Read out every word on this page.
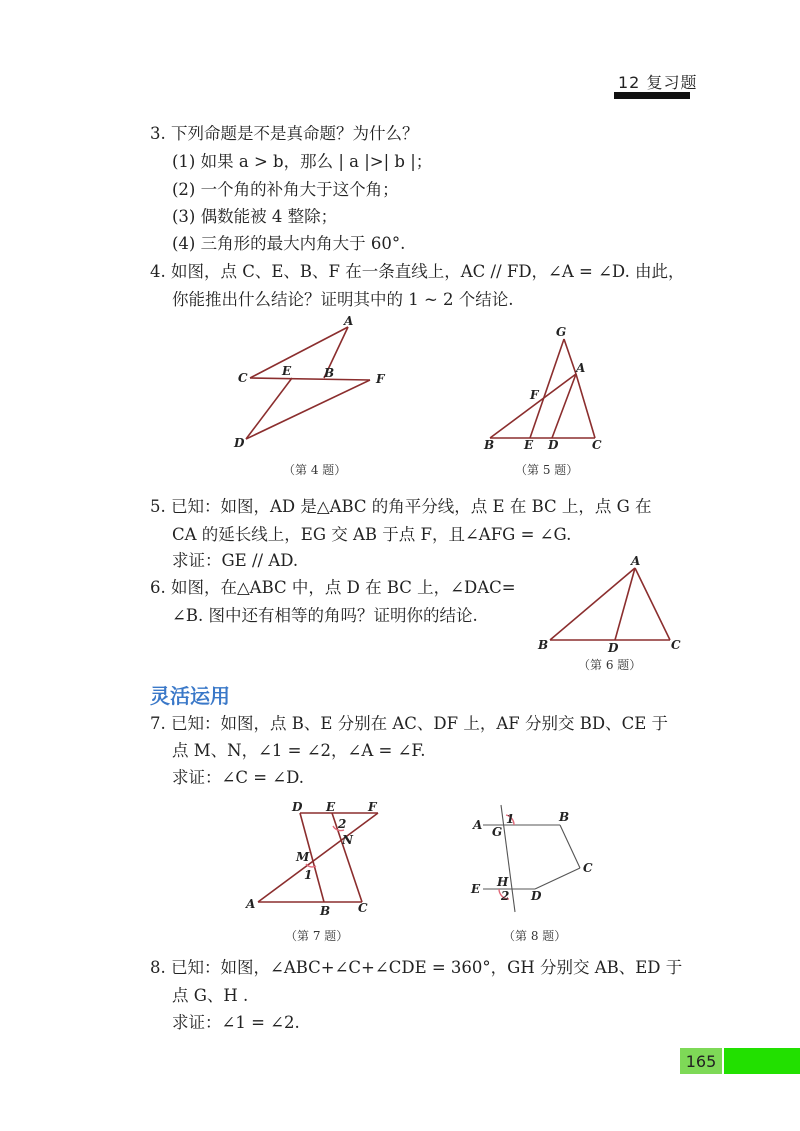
12 复习题
3. 下列命题是不是真命题？为什么？
(1) 如果 a > b，那么 | a |>| b |；
(2) 一个角的补角大于这个角；
(3) 偶数能被 4 整除；
(4) 三角形的最大内角大于 60°.
4. 如图，点 C、E、B、F 在一条直线上，AC // FD，∠A = ∠D. 由此，
你能推出什么结论？证明其中的 1 ~ 2 个结论.
A
C	E	B	F
D
（第 4 题）
G
A
F
B E D	C
（第 5 题）
5. 已知：如图，AD 是△ABC 的角平分线，点 E 在 BC 上，点 G 在
CA 的延长线上，EG 交 AB 于点 F，且∠AFG = ∠G.
求证：GE // AD.
6. 如图，在△ABC 中，点 D 在 BC 上，∠DAC=
∠B. 图中还有相等的角吗？证明你的结论.
A
B	D	C
（第 6 题）
灵活运用
7. 已知：如图，点 B、E 分别在 AC、DF 上，AF 分别交 BD、CE 于
点 M、N，∠1 = ∠2，∠A = ∠F.
求证：∠C = ∠D.
D E	F
M
N
1
2
A	B C
（第 7 题）
A 1
G
B
C
E H
2 D
（第 8 题）
8. 已知：如图，∠ABC+∠C+∠CDE = 360°，GH 分别交 AB、ED 于
点 G、H .
求证：∠1 = ∠2.
165
